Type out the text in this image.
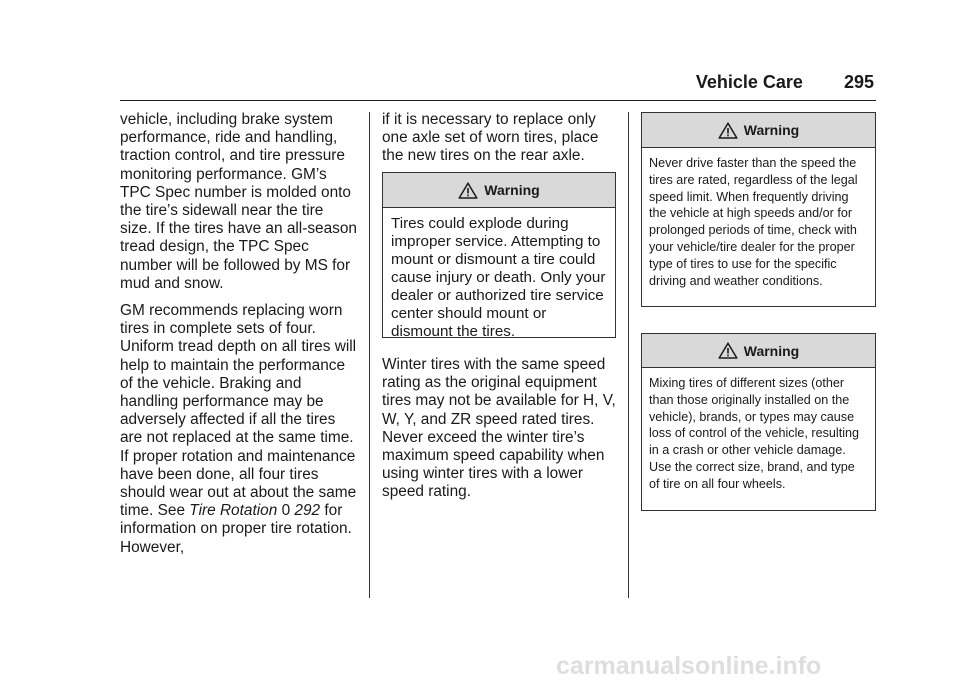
Vehicle Care 295

vehicle, including brake system performance, ride and handling, traction control, and tire pressure monitoring performance. GM’s TPC Spec number is molded onto the tire’s sidewall near the tire size. If the tires have an all-season tread design, the TPC Spec number will be followed by MS for mud and snow.

GM recommends replacing worn tires in complete sets of four. Uniform tread depth on all tires will help to maintain the performance of the vehicle. Braking and handling performance may be adversely affected if all the tires are not replaced at the same time.

If proper rotation and maintenance have been done, all four tires should wear out at about the same time. See Tire Rotation 0 292 for information on proper tire rotation. However,

if it is necessary to replace only one axle set of worn tires, place the new tires on the rear axle.

Warning
Tires could explode during improper service. Attempting to mount or dismount a tire could cause injury or death. Only your dealer or authorized tire service center should mount or dismount the tires.

Winter tires with the same speed rating as the original equipment tires may not be available for H, V, W, Y, and ZR speed rated tires. Never exceed the winter tire’s maximum speed capability when using winter tires with a lower speed rating.

Warning
Never drive faster than the speed the tires are rated, regardless of the legal speed limit. When frequently driving the vehicle at high speeds and/or for prolonged periods of time, check with your vehicle/tire dealer for the proper type of tires to use for the specific driving and weather conditions.
Warning
Mixing tires of different sizes (other than those originally installed on the vehicle), brands, or types may cause loss of control of the vehicle, resulting in a crash or other vehicle damage. Use the correct size, brand, and type of tire on all four wheels.
carmanualsonline.info
